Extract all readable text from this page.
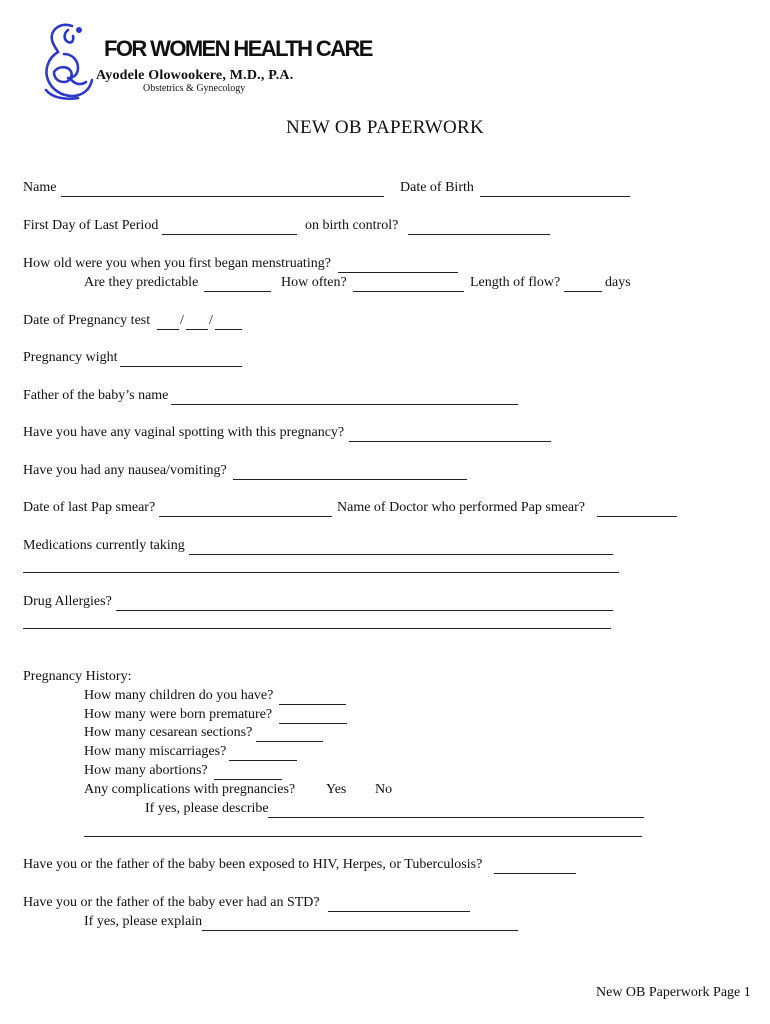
FOR WOMEN HEALTH CARE
Ayodele Olowookere, M.D., P.A.
Obstetrics & Gynecology
NEW OB PAPERWORK
Name	Date of Birth
First Day of Last Period	on birth control?
How old were you when you first began menstruating?
Are they predictable	How often?	Length of flow?	days
Date of Pregnancy test / /
Pregnancy wight
Father of the baby’s name
Have you have any vaginal spotting with this pregnancy?
Have you had any nausea/vomiting?
Date of last Pap smear?	Name of Doctor who performed Pap smear?
Medications currently taking
Drug Allergies?
Pregnancy History:
How many children do you have?
How many were born premature?
How many cesarean sections?
How many miscarriages?
How many abortions?
Any complications with pregnancies? Yes No
If yes, please describe
Have you or the father of the baby been exposed to HIV, Herpes, or Tuberculosis?
Have you or the father of the baby ever had an STD?
If yes, please explain
New OB Paperwork Page 1
